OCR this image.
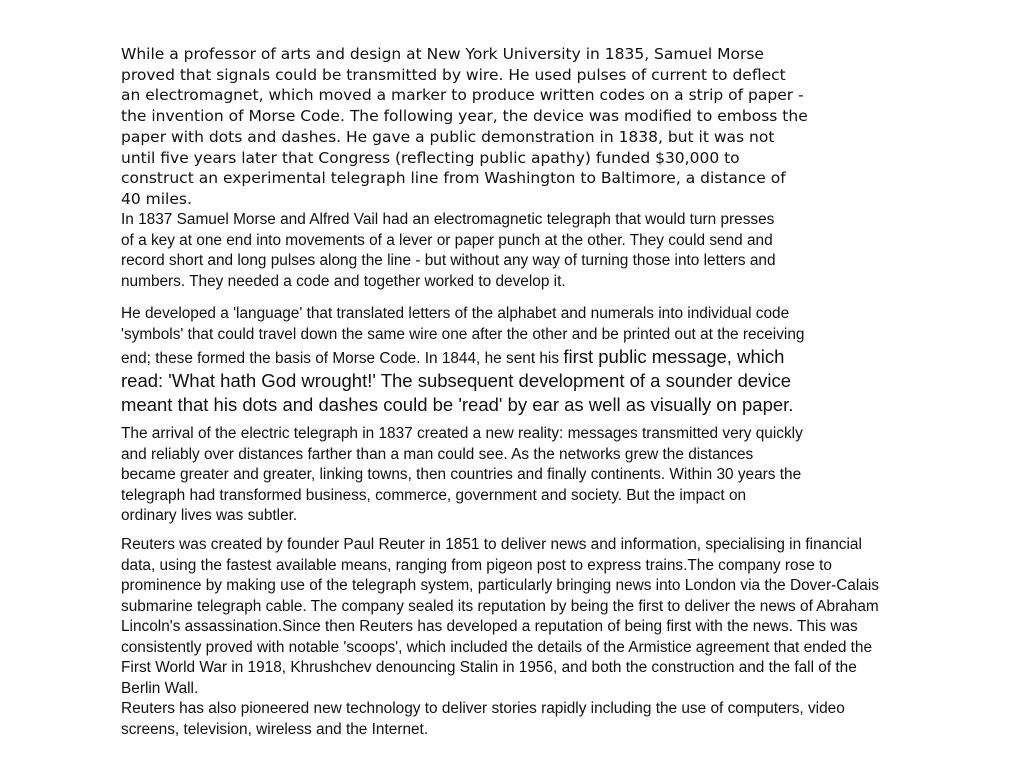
While a professor of arts and design at New York University in 1835, Samuel Morse
proved that signals could be transmitted by wire. He used pulses of current to deflect
an electromagnet, which moved a marker to produce written codes on a strip of paper -
the invention of Morse Code. The following year, the device was modified to emboss the
paper with dots and dashes. He gave a public demonstration in 1838, but it was not
until five years later that Congress (reflecting public apathy) funded $30,000 to
construct an experimental telegraph line from Washington to Baltimore, a distance of
40 miles.
In 1837 Samuel Morse and Alfred Vail had an electromagnetic telegraph that would turn presses
of a key at one end into movements of a lever or paper punch at the other. They could send and
record short and long pulses along the line - but without any way of turning those into letters and
numbers. They needed a code and together worked to develop it.
He developed a 'language' that translated letters of the alphabet and numerals into individual code
'symbols' that could travel down the same wire one after the other and be printed out at the receiving
end; these formed the basis of Morse Code. In 1844, he sent his first public message, which
read: 'What hath God wrought!' The subsequent development of a sounder device
meant that his dots and dashes could be 'read' by ear as well as visually on paper.
The arrival of the electric telegraph in 1837 created a new reality: messages transmitted very quickly
and reliably over distances farther than a man could see. As the networks grew the distances
became greater and greater, linking towns, then countries and finally continents. Within 30 years the
telegraph had transformed business, commerce, government and society. But the impact on
ordinary lives was subtler.
Reuters was created by founder Paul Reuter in 1851 to deliver news and information, specialising in financial
data, using the fastest available means, ranging from pigeon post to express trains.The company rose to
prominence by making use of the telegraph system, particularly bringing news into London via the Dover-Calais
submarine telegraph cable. The company sealed its reputation by being the first to deliver the news of Abraham
Lincoln's assassination.Since then Reuters has developed a reputation of being first with the news. This was
consistently proved with notable 'scoops', which included the details of the Armistice agreement that ended the
First World War in 1918, Khrushchev denouncing Stalin in 1956, and both the construction and the fall of the
Berlin Wall.
Reuters has also pioneered new technology to deliver stories rapidly including the use of computers, video
screens, television, wireless and the Internet.
